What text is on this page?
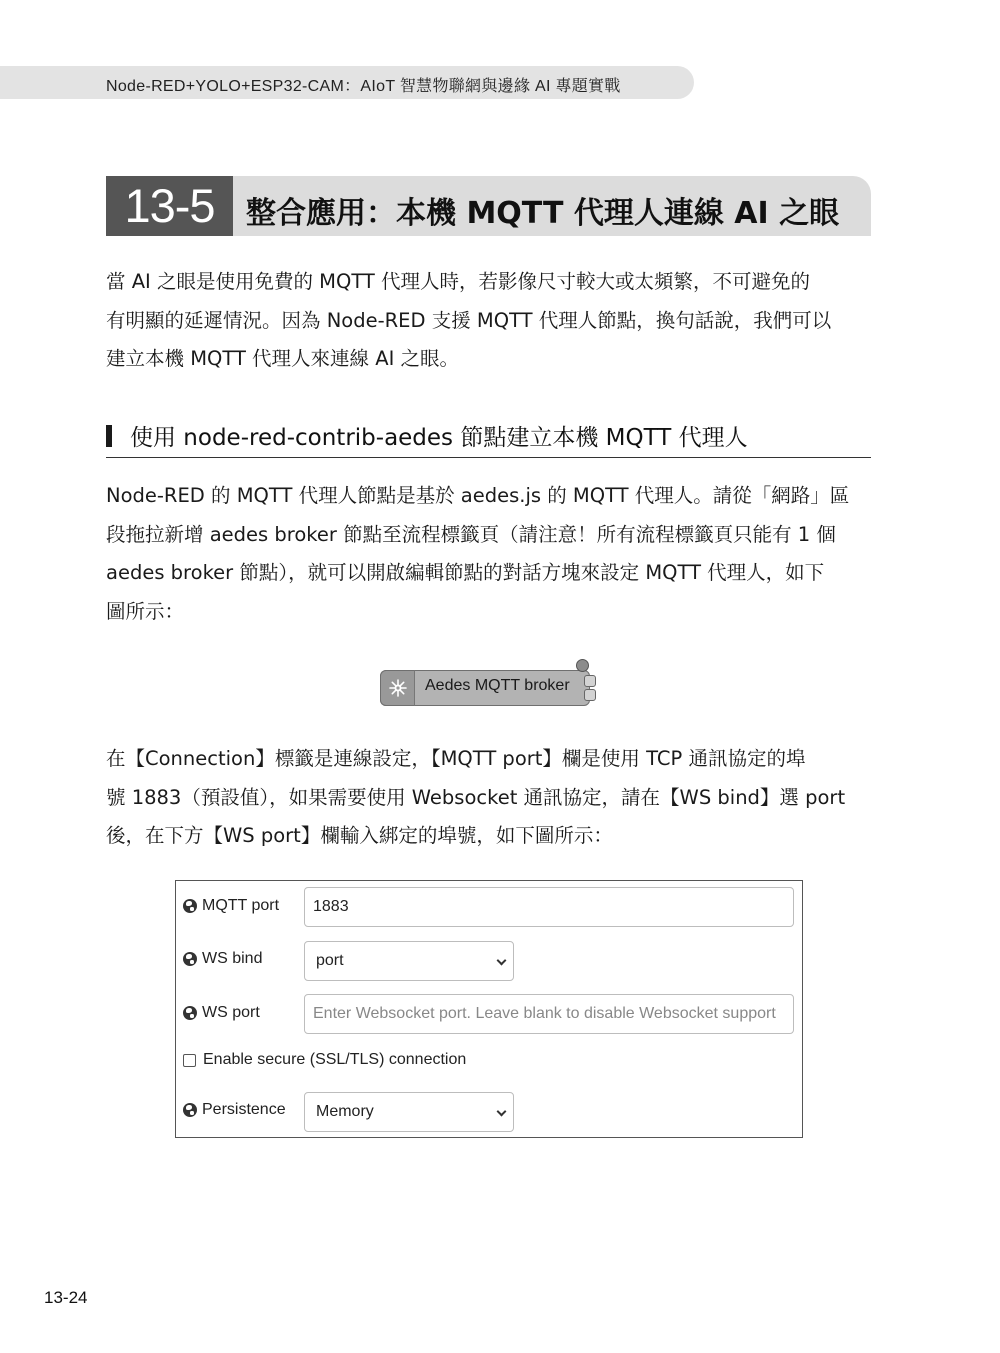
Node-RED+YOLO+ESP32-CAM：AIoT 智慧物聯網與邊緣 AI 專題實戰
13-5	整合應用：本機 MQTT 代理人連線 AI 之眼
當 AI 之眼是使用免費的 MQTT 代理人時，若影像尺寸較大或太頻繁，不可避免的
有明顯的延遲情況。因為 Node-RED 支援 MQTT 代理人節點，換句話說，我們可以
建立本機 MQTT 代理人來連線 AI 之眼。
使用 node-red-contrib-aedes 節點建立本機 MQTT 代理人
Node-RED 的 MQTT 代理人節點是基於 aedes.js 的 MQTT 代理人。請從「網路」區
段拖拉新增 aedes broker 節點至流程標籤頁（請注意！所有流程標籤頁只能有 1 個
aedes broker 節點），就可以開啟編輯節點的對話方塊來設定 MQTT 代理人，如下
圖所示：
Aedes MQTT broker
在【Connection】標籤是連線設定，【MQTT port】欄是使用 TCP 通訊協定的埠
號 1883（預設值），如果需要使用 Websocket 通訊協定，請在【WS bind】選 port
後，在下方【WS port】欄輸入綁定的埠號，如下圖所示：
MQTT port	1883
WS bind	port
WS port	Enter Websocket port. Leave blank to disable Websocket support
Enable secure (SSL/TLS) connection
Persistence	Memory
13-24
